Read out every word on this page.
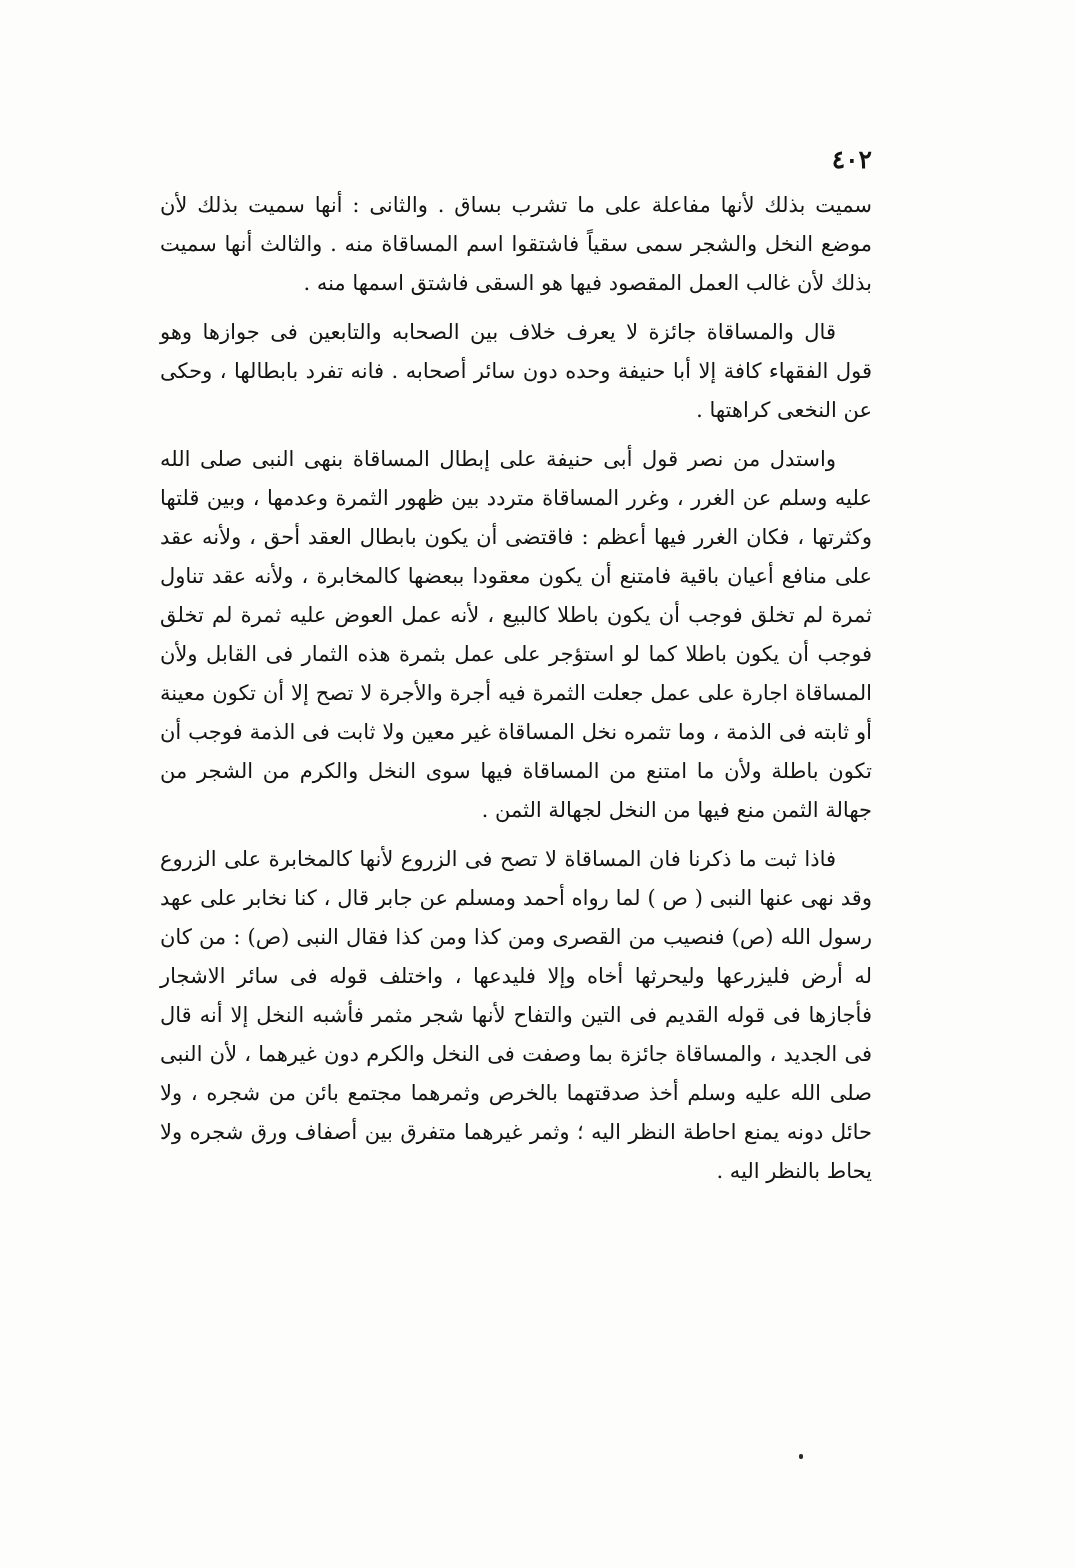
٤٠٢

سميت بذلك لأنها مفاعلة على ما تشرب بساق . والثانى : أنها سميت بذلك لأن موضع النخل والشجر سمى سقياً فاشتقوا اسم المساقاة منه . والثالث أنها سميت بذلك لأن غالب العمل المقصود فيها هو السقى فاشتق اسمها منه .

قال والمساقاة جائزة لا يعرف خلاف بين الصحابه والتابعين فى جوازها وهو قول الفقهاء كافة إلا أبا حنيفة وحده دون سائر أصحابه . فانه تفرد بابطالها ، وحكى عن النخعى كراهتها .

واستدل من نصر قول أبى حنيفة على إبطال المساقاة بنهى النبى صلى الله عليه وسلم عن الغرر ، وغرر المساقاة متردد بين ظهور الثمرة وعدمها ، وبين قلتها وكثرتها ، فكان الغرر فيها أعظم : فاقتضى أن يكون بابطال العقد أحق ، ولأنه عقد على منافع أعيان باقية فامتنع أن يكون معقودا ببعضها كالمخابرة ، ولأنه عقد تناول ثمرة لم تخلق فوجب أن يكون باطلا كالبيع ، لأنه عمل العوض عليه ثمرة لم تخلق فوجب أن يكون باطلا كما لو استؤجر على عمل بثمرة هذه الثمار فى القابل ولأن المساقاة اجارة على عمل جعلت الثمرة فيه أجرة والأجرة لا تصح إلا أن تكون معينة أو ثابته فى الذمة ، وما تثمره نخل المساقاة غير معين ولا ثابت فى الذمة فوجب أن تكون باطلة ولأن ما امتنع من المساقاة فيها سوى النخل والكرم من الشجر من جهالة الثمن منع فيها من النخل لجهالة الثمن .

فاذا ثبت ما ذكرنا فان المساقاة لا تصح فى الزروع لأنها كالمخابرة على الزروع وقد نهى عنها النبى ( ص ) لما رواه أحمد ومسلم عن جابر قال ، كنا نخابر على عهد رسول الله (ص) فنصيب من القصرى ومن كذا ومن كذا فقال النبى (ص) : من كان له أرض فليزرعها وليحرثها أخاه وإلا فليدعها ، واختلف قوله فى سائر الاشجار فأجازها فى قوله القديم فى التين والتفاح لأنها شجر مثمر فأشبه النخل إلا أنه قال فى الجديد ، والمساقاة جائزة بما وصفت فى النخل والكرم دون غيرهما ، لأن النبى صلى الله عليه وسلم أخذ صدقتهما بالخرص وثمرهما مجتمع بائن من شجره ، ولا حائل دونه يمنع احاطة النظر اليه ؛ وثمر غيرهما متفرق بين أصفاف ورق شجره ولا يحاط بالنظر اليه .
